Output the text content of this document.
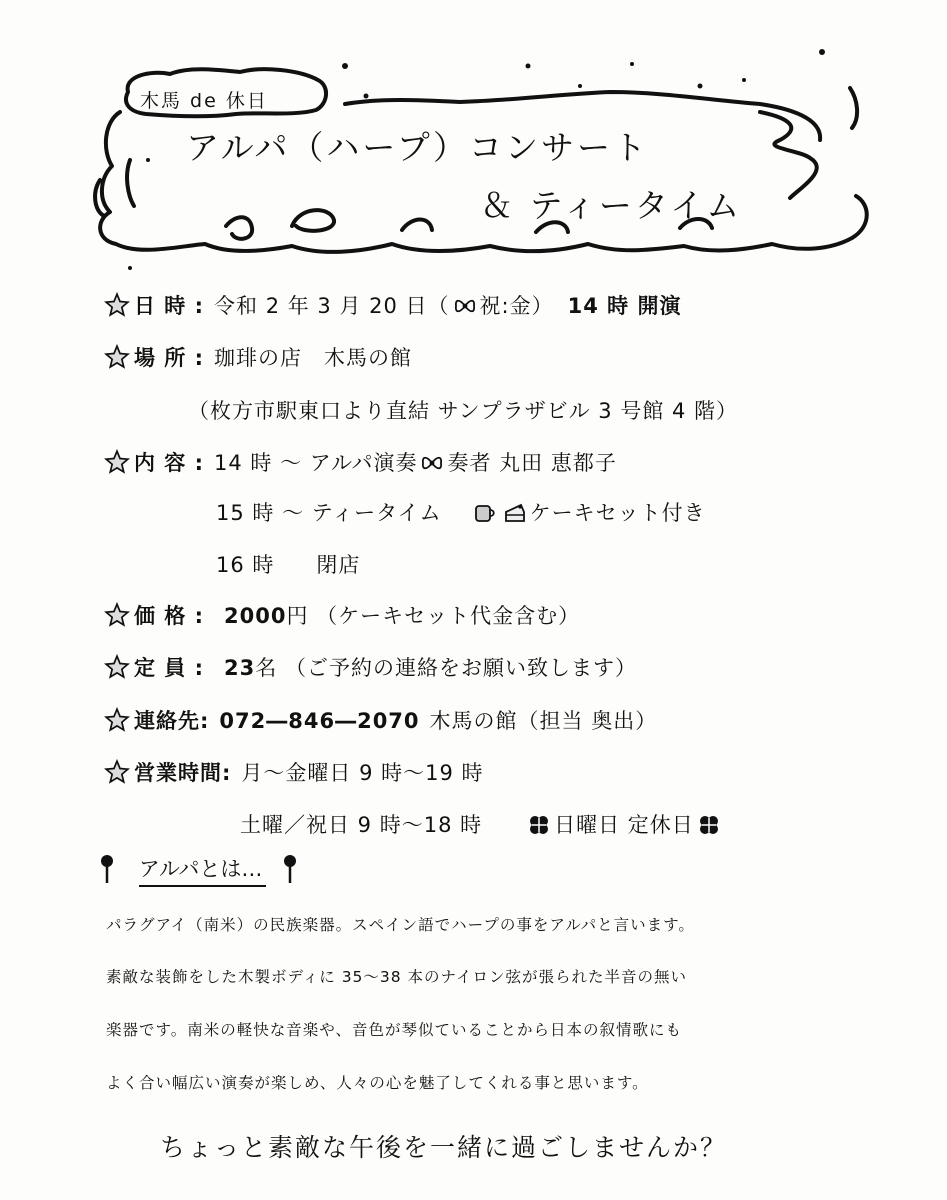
木馬 de 休日
アルパ（ハープ）コンサート
＆ ティータイム
日 時 : 令和 2 年 3 月 20 日（ 祝:金） 14 時 開演
場 所 : 珈琲の店　木馬の館
（枚方市駅東口より直結 サンプラザビル 3 号館 4 階）
内 容 : 14 時 ～ アルパ演奏 奏者 丸田 恵都子
15 時 ～ ティータイム	ケーキセット付き
16 時 閉店
価 格 : 2000円 （ケーキセット代金含む）
定 員 : 23名 （ご予約の連絡をお願い致します）
連絡先: 072―846―2070 木馬の館（担当 奥出）
営業時間: 月～金曜日 9 時～19 時
土曜／祝日 9 時～18 時	日曜日 定休日
アルパとは…
パラグアイ（南米）の民族楽器。スペイン語でハープの事をアルパと言います。
素敵な装飾をした木製ボディに 35～38 本のナイロン弦が張られた半音の無い
楽器です。南米の軽快な音楽や、音色が琴似ていることから日本の叙情歌にも
よく合い幅広い演奏が楽しめ、人々の心を魅了してくれる事と思います。
ちょっと素敵な午後を一緒に過ごしませんか？
